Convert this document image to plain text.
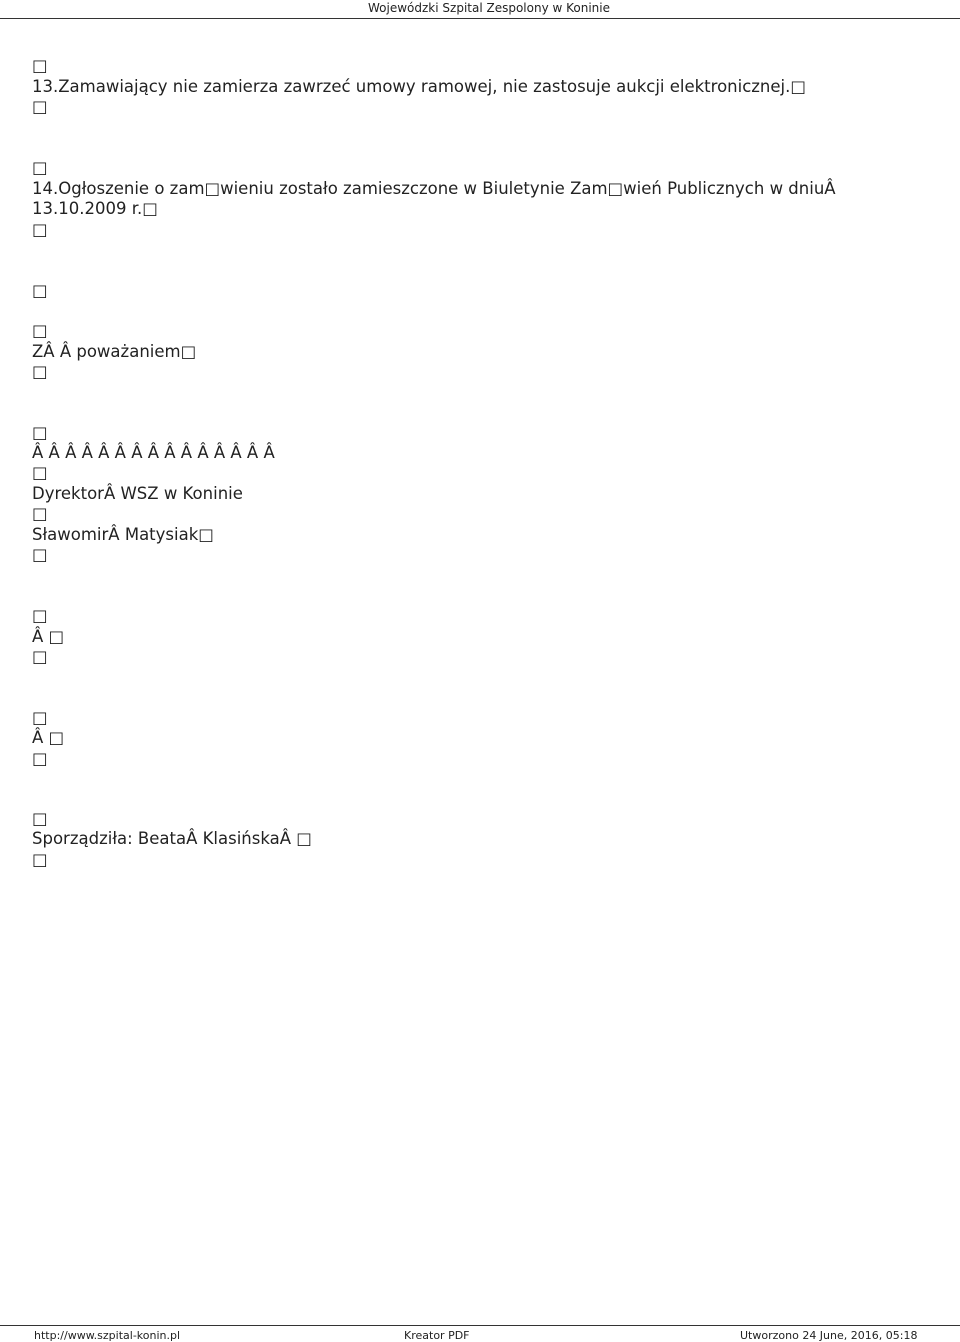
Wojewódzki Szpital Zespolony w Koninie
□
13.Zamawiający nie zamierza zawrzeć umowy ramowej, nie zastosuje aukcji elektronicznej.□
□
□
14.Ogłoszenie o zam□wieniu zostało zamieszczone w Biuletynie Zam□wień Publicznych w dniuÂ
13.10.2009 r.□
□
□
□
ZÂ Â poważaniem□
□
□
Â Â Â Â Â Â Â Â Â Â Â Â Â Â Â
□
DyrektorÂ WSZ w Koninie
□
SławomirÂ Matysiak□
□
□
Â □
□
□
Â □
□
□
Sporządziła: BeataÂ KlasińskaÂ □
□
http://www.szpital-konin.pl	Kreator PDF	Utworzono 24 June, 2016, 05:18
